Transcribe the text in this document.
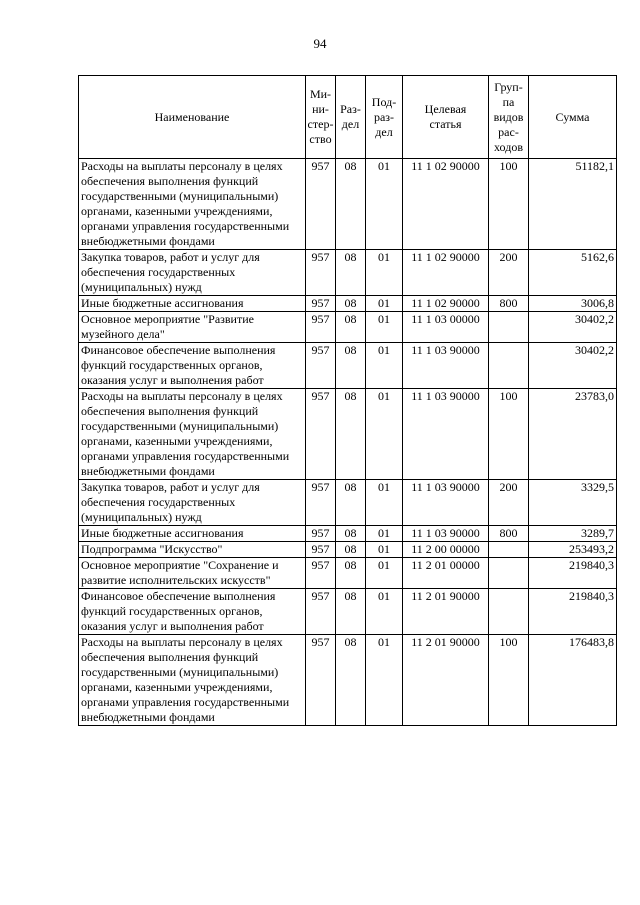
94
Наименование	Ми-
ни-
стер-
ство	Раз-
дел	Под-
раз-
дел	Целевая
статья	Груп-
па
видов
рас-
ходов	Сумма
Расходы на выплаты персоналу в целях обеспечения выполнения функций государственными (муниципальными) органами, казенными учреждениями, органами управления государственными внебюджетными фондами	957	08	01	11 1 02 90000	100	51182,1
Закупка товаров, работ и услуг для обеспечения государственных (муниципальных) нужд	957	08	01	11 1 02 90000	200	5162,6
Иные бюджетные ассигнования	957	08	01	11 1 02 90000	800	3006,8
Основное мероприятие "Развитие музейного дела"	957	08	01	11 1 03 00000		30402,2
Финансовое обеспечение выполнения функций государственных органов, оказания услуг и выполнения работ	957	08	01	11 1 03 90000		30402,2
Расходы на выплаты персоналу в целях обеспечения выполнения функций государственными (муниципальными) органами, казенными учреждениями, органами управления государственными внебюджетными фондами	957	08	01	11 1 03 90000	100	23783,0
Закупка товаров, работ и услуг для обеспечения государственных (муниципальных) нужд	957	08	01	11 1 03 90000	200	3329,5
Иные бюджетные ассигнования	957	08	01	11 1 03 90000	800	3289,7
Подпрограмма "Искусство"	957	08	01	11 2 00 00000		253493,2
Основное мероприятие "Сохранение и развитие исполнительских искусств"	957	08	01	11 2 01 00000		219840,3
Финансовое обеспечение выполнения функций государственных органов, оказания услуг и выполнения работ	957	08	01	11 2 01 90000		219840,3
Расходы на выплаты персоналу в целях обеспечения выполнения функций государственными (муниципальными) органами, казенными учреждениями, органами управления государственными внебюджетными фондами	957	08	01	11 2 01 90000	100	176483,8
